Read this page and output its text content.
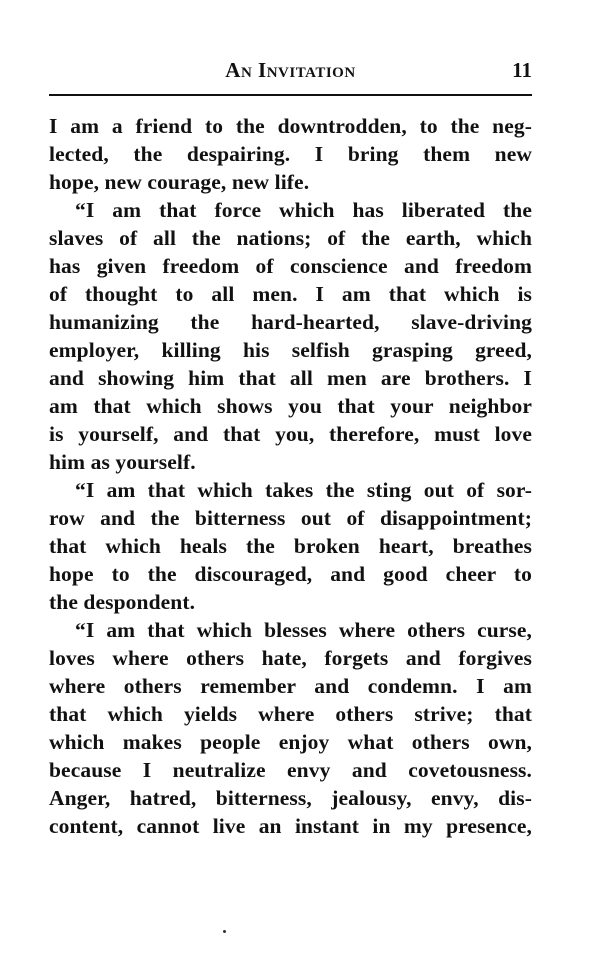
An Invitation	11
I am a friend to the downtrodden, to the neg-
lected, the despairing. I bring them new
hope, new courage, new life.
“I am that force which has liberated the
slaves of all the nations; of the earth, which
has given freedom of conscience and freedom
of thought to all men. I am that which is
humanizing the hard-hearted, slave-driving
employer, killing his selfish grasping greed,
and showing him that all men are brothers. I
am that which shows you that your neighbor
is yourself, and that you, therefore, must love
him as yourself.
“I am that which takes the sting out of sor-
row and the bitterness out of disappointment;
that which heals the broken heart, breathes
hope to the discouraged, and good cheer to
the despondent.
“I am that which blesses where others curse,
loves where others hate, forgets and forgives
where others remember and condemn. I am
that which yields where others strive; that
which makes people enjoy what others own,
because I neutralize envy and covetousness.
Anger, hatred, bitterness, jealousy, envy, dis-
content, cannot live an instant in my presence,
